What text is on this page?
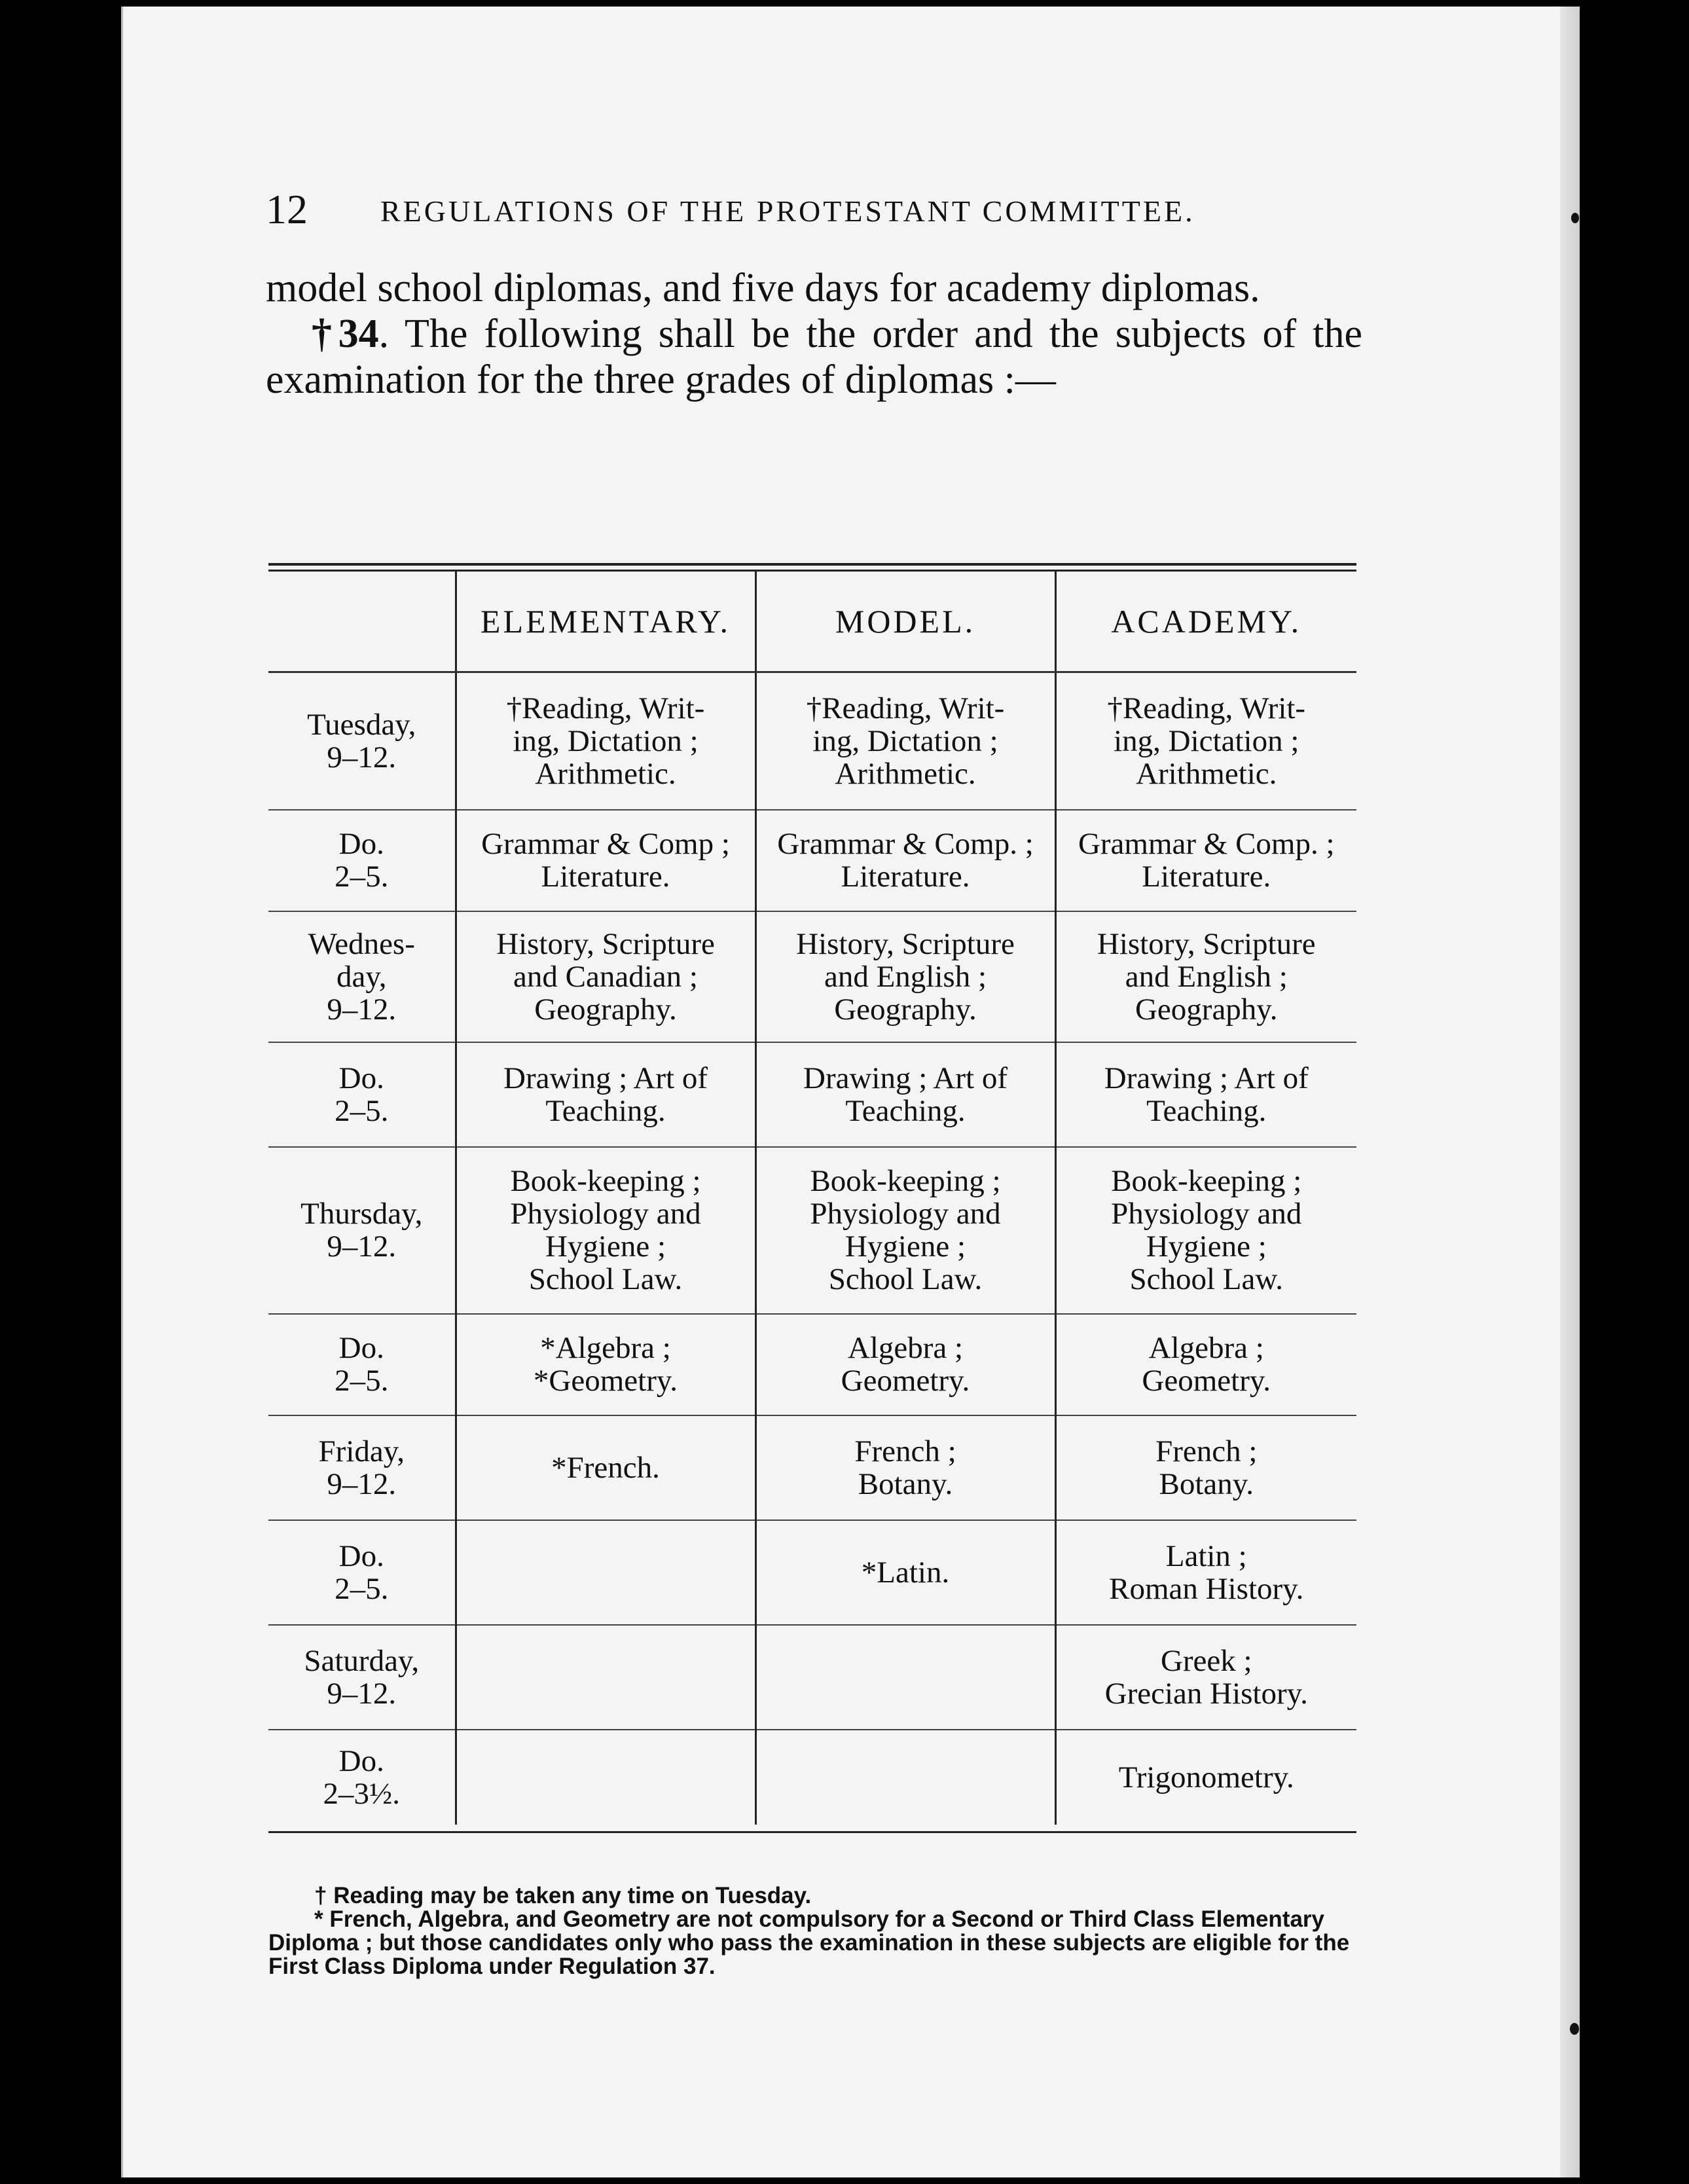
12 REGULATIONS OF THE PROTESTANT COMMITTEE.

model school diplomas, and five days for academy diplomas.

†34. The following shall be the order and the subjects of the examination for the three grades of diplomas :—

	ELEMENTARY.	MODEL.	ACADEMY.

Tuesday,
9–12.	†Reading, Writ-
ing, Dictation ;
Arithmetic.	†Reading, Writ-
ing, Dictation ;
Arithmetic.	†Reading, Writ-
ing, Dictation ;
Arithmetic.

Do.
2–5.	Grammar & Comp ;
Literature.	Grammar & Comp. ;
Literature.	Grammar & Comp. ;
Literature.

Wednes-
day,
9–12.	History, Scripture
and Canadian ;
Geography.	History, Scripture
and English ;
Geography.	History, Scripture
and English ;
Geography.

Do.
2–5.	Drawing ; Art of
Teaching.	Drawing ; Art of
Teaching.	Drawing ; Art of
Teaching.

Thursday,
9–12.	Book-keeping ;
Physiology and
Hygiene ;
School Law.	Book-keeping ;
Physiology and
Hygiene ;
School Law.	Book-keeping ;
Physiology and
Hygiene ;
School Law.

Do.
2–5.	*Algebra ;
*Geometry.	Algebra ;
Geometry.	Algebra ;
Geometry.

Friday,
9–12.	*French.	French ;
Botany.	French ;
Botany.

Do.
2–5.		*Latin.	Latin ;
Roman History.

Saturday,
9–12.			Greek ;
Grecian History.

Do.
2–3½.			Trigonometry.

† Reading may be taken any time on Tuesday.

* French, Algebra, and Geometry are not compulsory for a Second or Third Class Elementary Diploma ; but those candidates only who pass the examination in these subjects are eligible for the First Class Diploma under Regulation 37.
